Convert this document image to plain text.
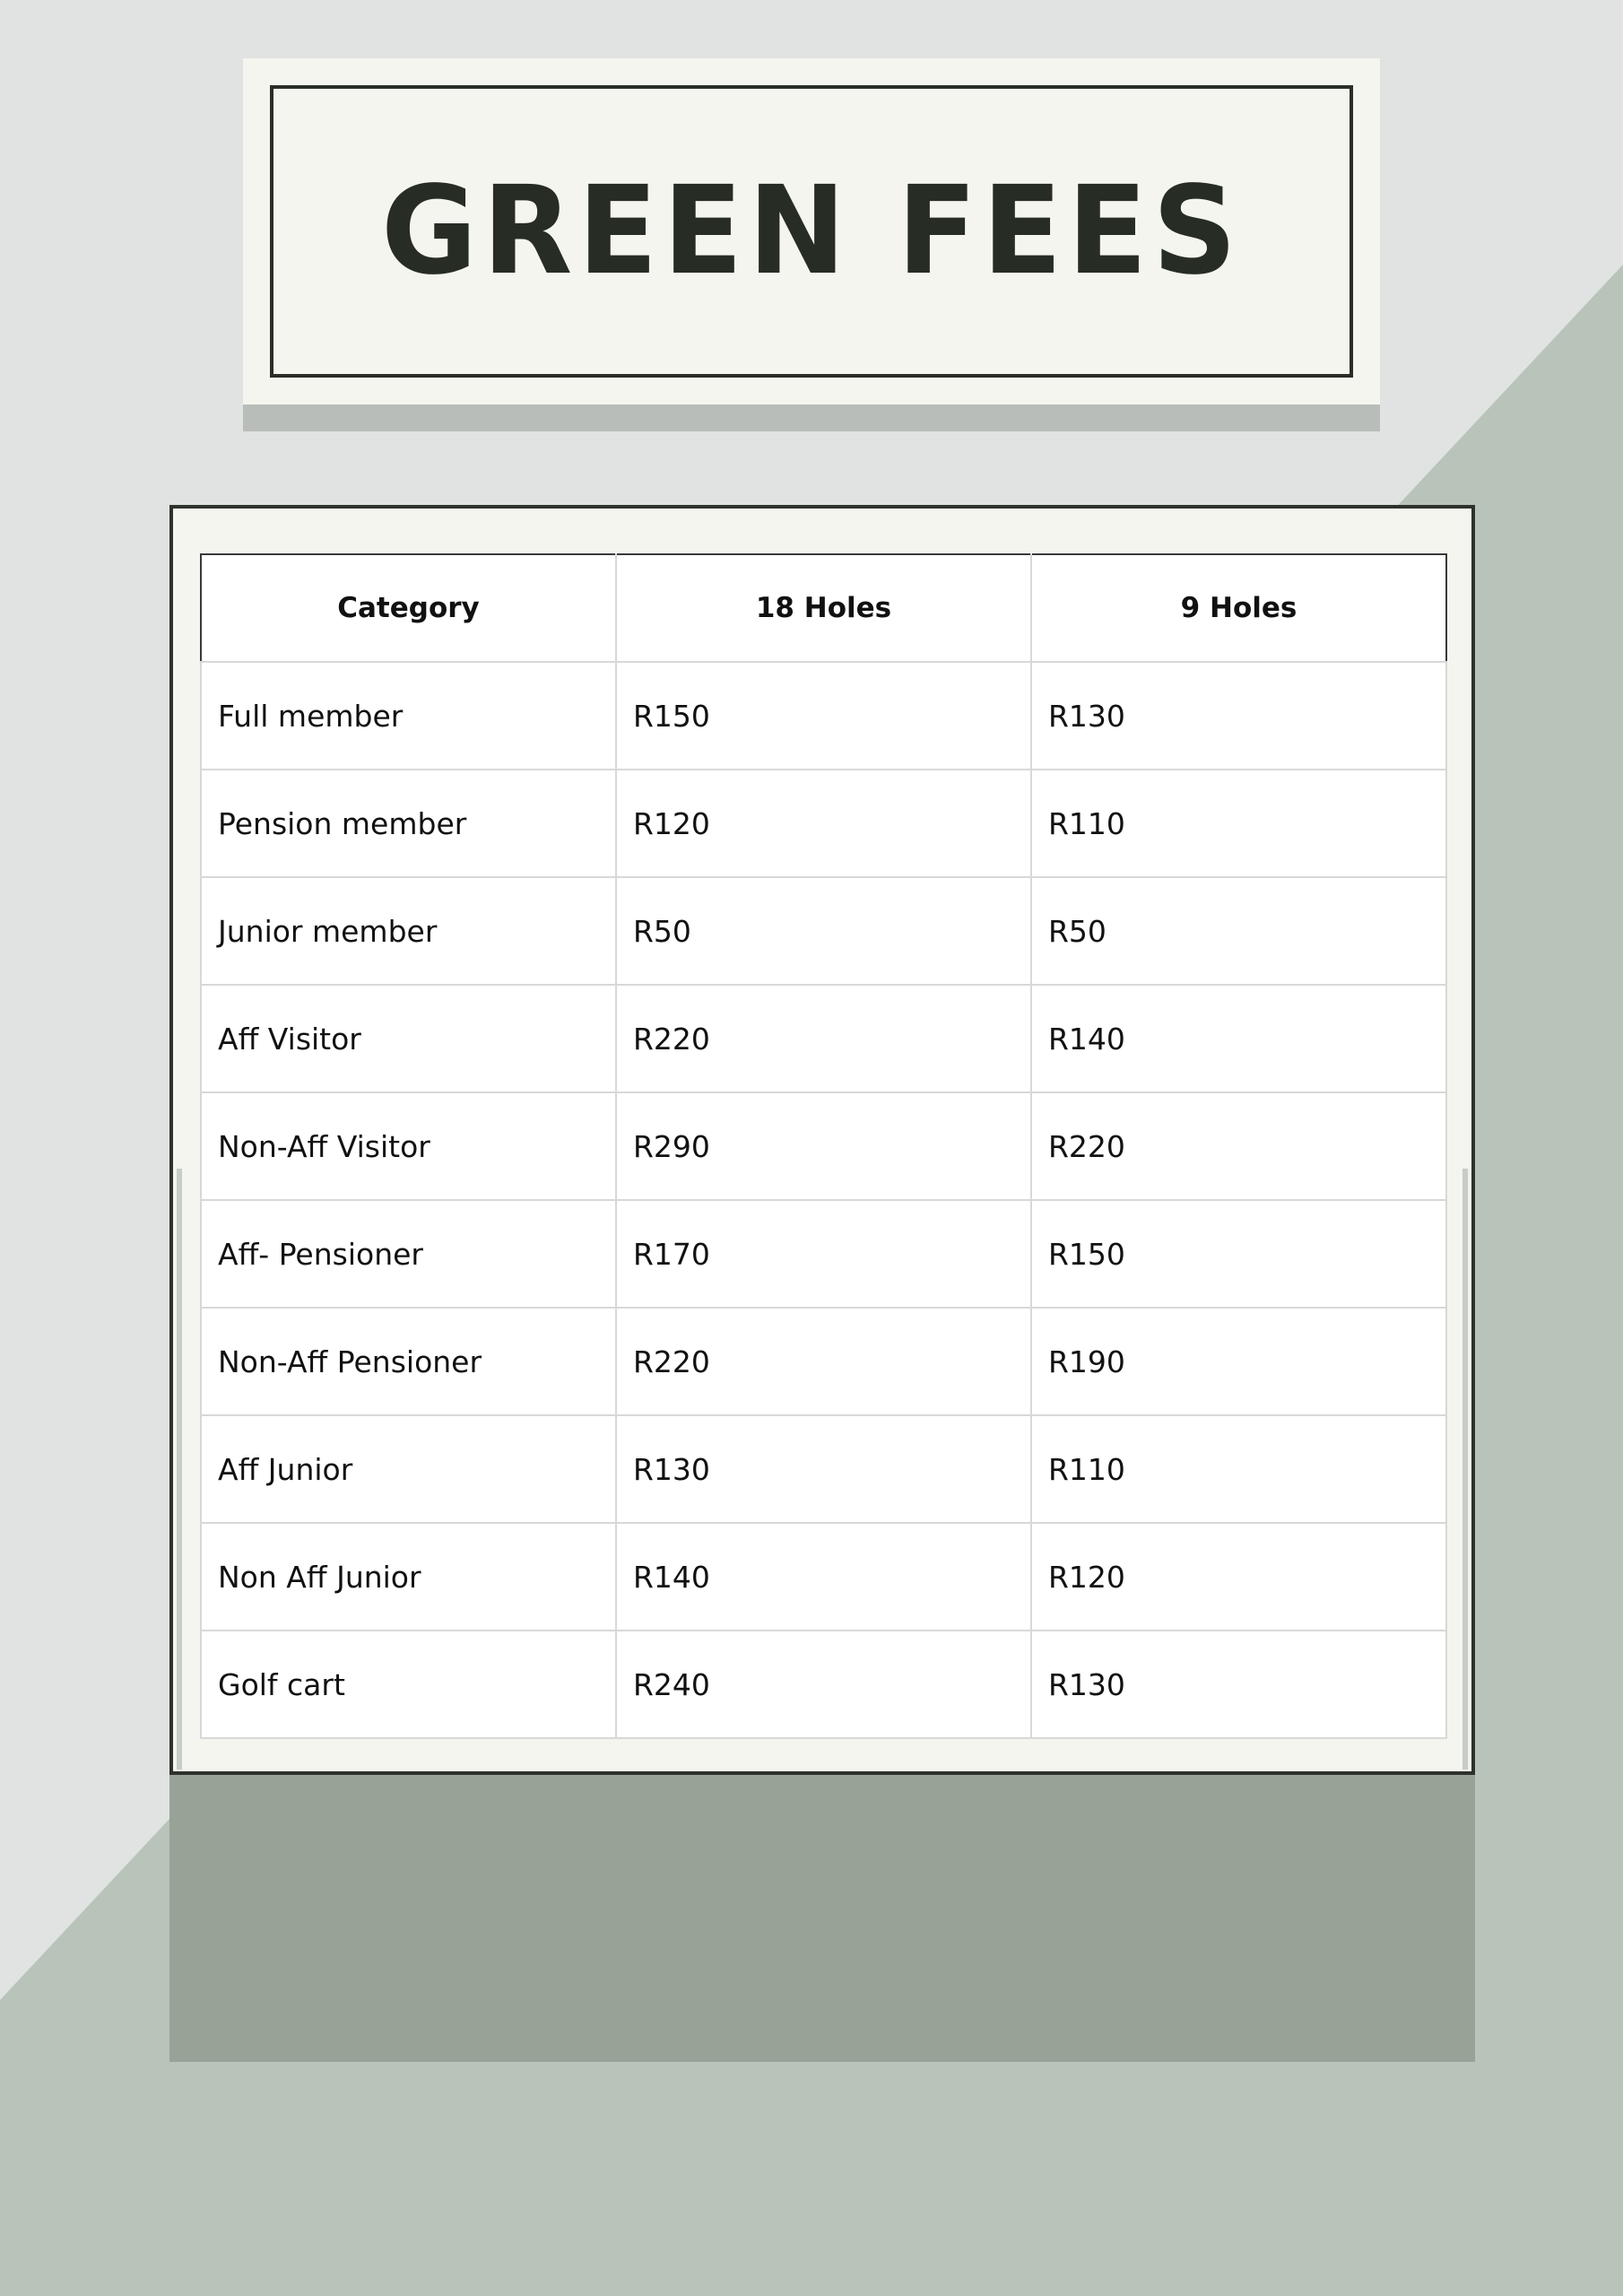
GREEN FEES
Category	18 Holes	9 Holes
Full member	R150	R130
Pension member	R120	R110
Junior member	R50	R50
Aff Visitor	R220	R140
Non-Aff Visitor	R290	R220
Aff- Pensioner	R170	R150
Non-Aff Pensioner	R220	R190
Aff Junior	R130	R110
Non Aff Junior	R140	R120
Golf cart	R240	R130
